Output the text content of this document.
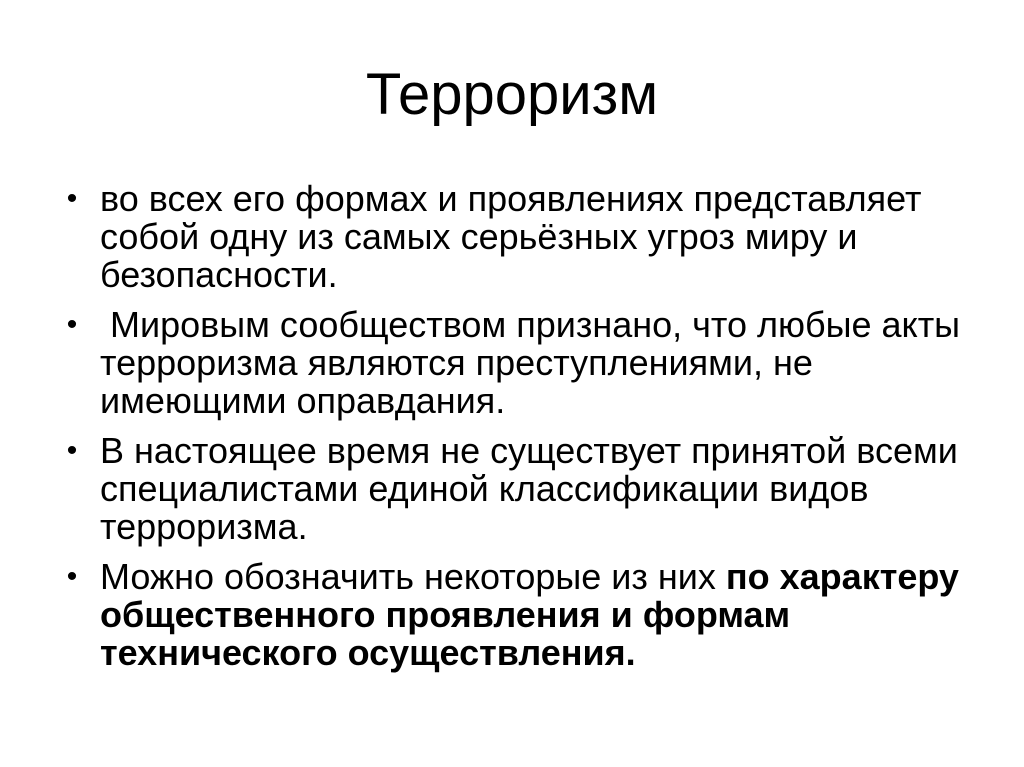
Терроризм
• во всех его формах и проявлениях представляет собой одну из самых серьёзных угроз миру и безопасности.
• Мировым сообществом признано, что любые акты терроризма являются преступлениями, не имеющими оправдания.
• В настоящее время не существует принятой всеми специалистами единой классификации видов терроризма.
• Можно обозначить некоторые из них по характеру общественного проявления и формам технического осуществления.
